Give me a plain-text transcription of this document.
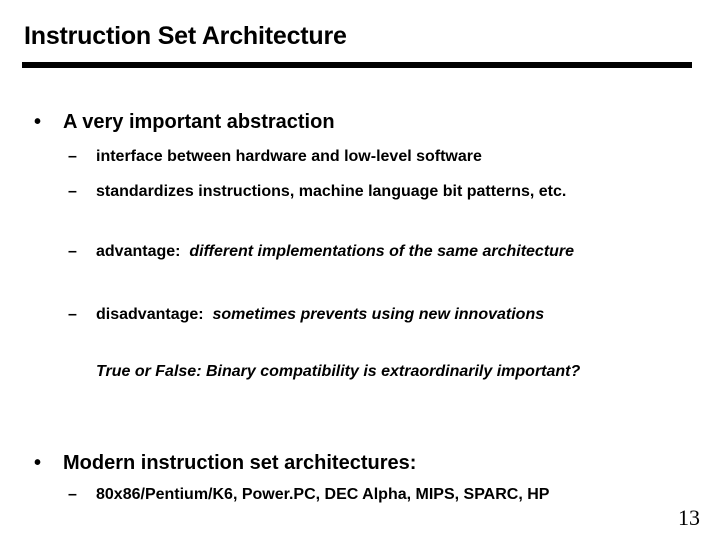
Instruction Set Architecture
• A very important abstraction
–	interface between hardware and low-level software
–	standardizes instructions, machine language bit patterns, etc.
–	advantage: different implementations of the same architecture
–	disadvantage: sometimes prevents using new innovations
True or False: Binary compatibility is extraordinarily important?
• Modern instruction set architectures:
–	80x86/Pentium/K6, Power.PC, DEC Alpha, MIPS, SPARC, HP
13
